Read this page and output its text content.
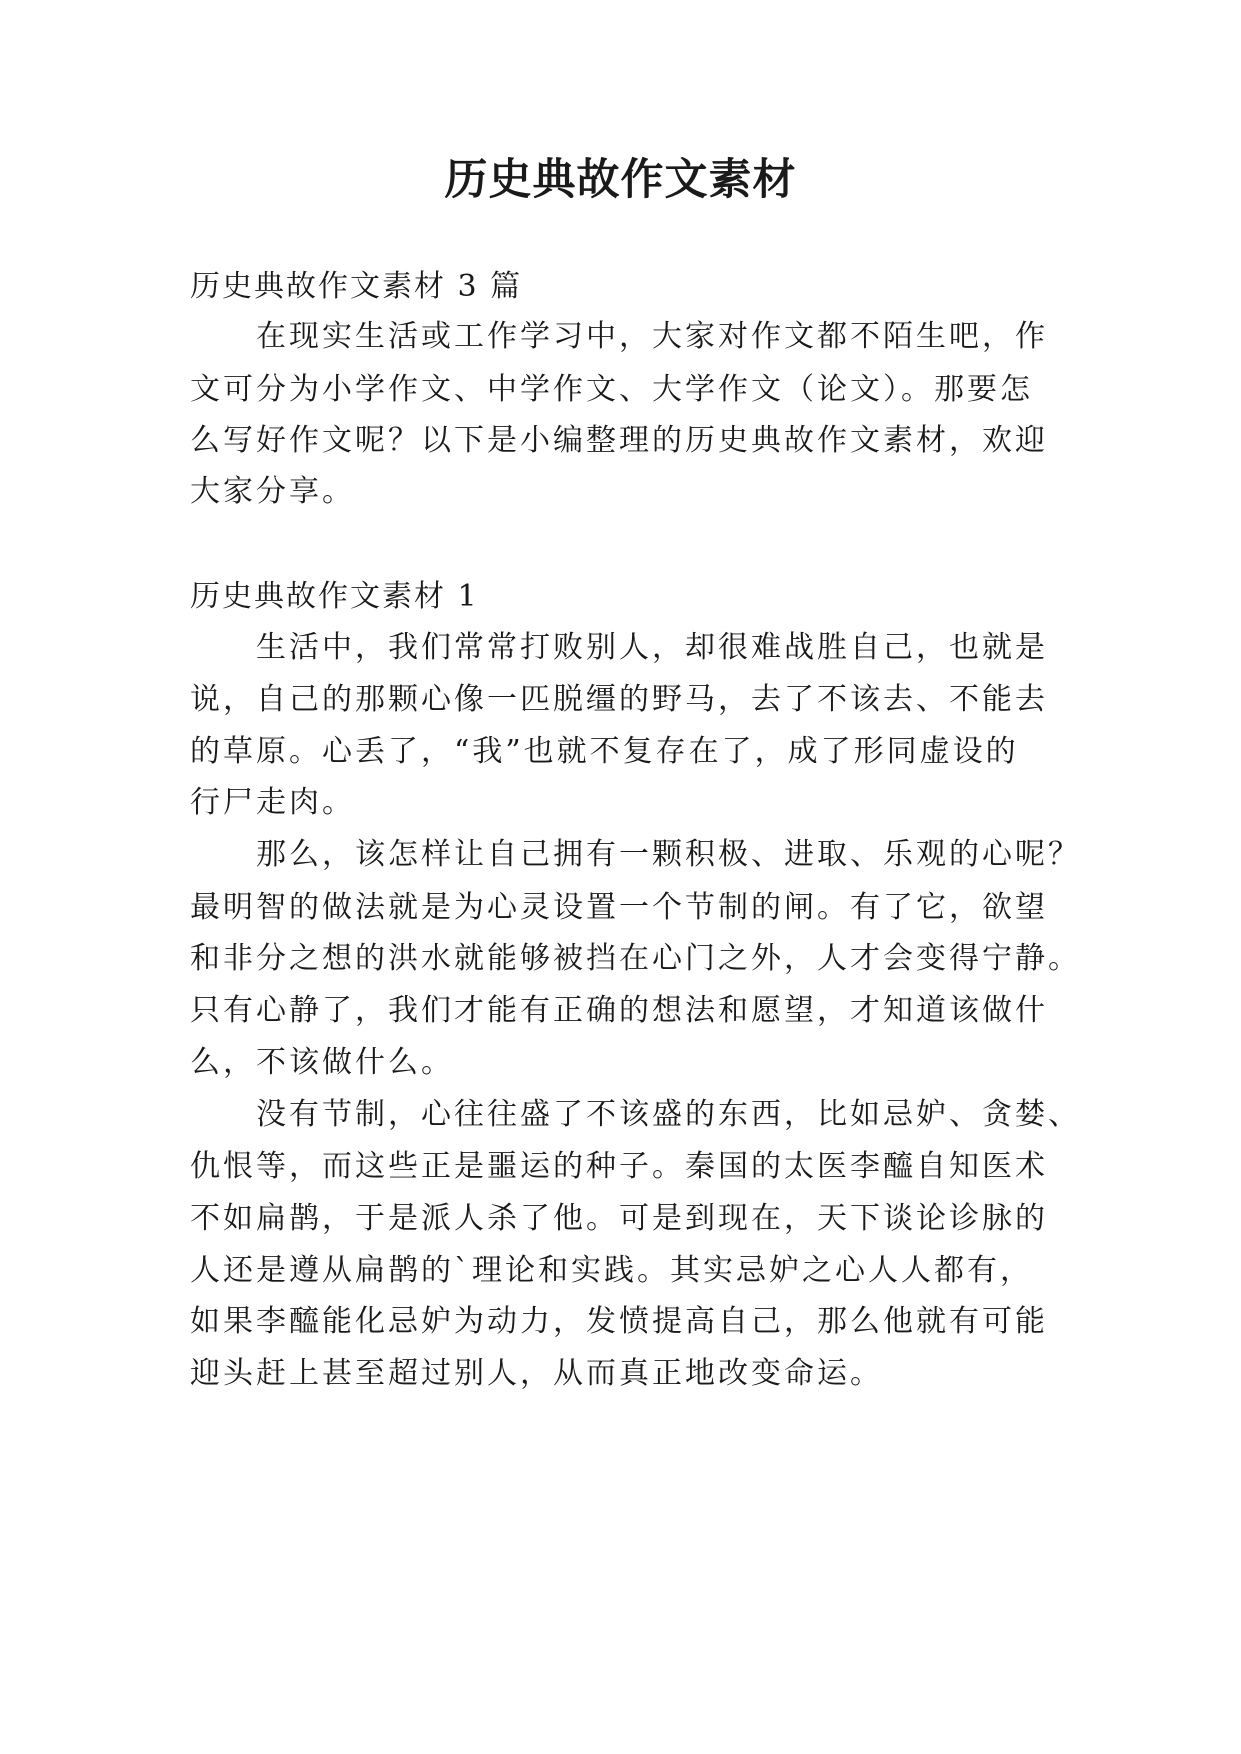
历史典故作文素材

历史典故作文素材 3 篇

在现实生活或工作学习中，大家对作文都不陌生吧，作

文可分为小学作文、中学作文、大学作文（论文）。那要怎

么写好作文呢？以下是小编整理的历史典故作文素材，欢迎

大家分享。

历史典故作文素材 1

生活中，我们常常打败别人，却很难战胜自己，也就是

说，自己的那颗心像一匹脱缰的野马，去了不该去、不能去

的草原。心丢了，“我”也就不复存在了，成了形同虚设的

行尸走肉。

那么，该怎样让自己拥有一颗积极、进取、乐观的心呢？

最明智的做法就是为心灵设置一个节制的闸。有了它，欲望

和非分之想的洪水就能够被挡在心门之外，人才会变得宁静。

只有心静了，我们才能有正确的想法和愿望，才知道该做什

么，不该做什么。

没有节制，心往往盛了不该盛的东西，比如忌妒、贪婪、

仇恨等，而这些正是噩运的种子。秦国的太医李醯自知医术

不如扁鹊，于是派人杀了他。可是到现在，天下谈论诊脉的

人还是遵从扁鹊的`理论和实践。其实忌妒之心人人都有，

如果李醯能化忌妒为动力，发愤提高自己，那么他就有可能

迎头赶上甚至超过别人，从而真正地改变命运。
